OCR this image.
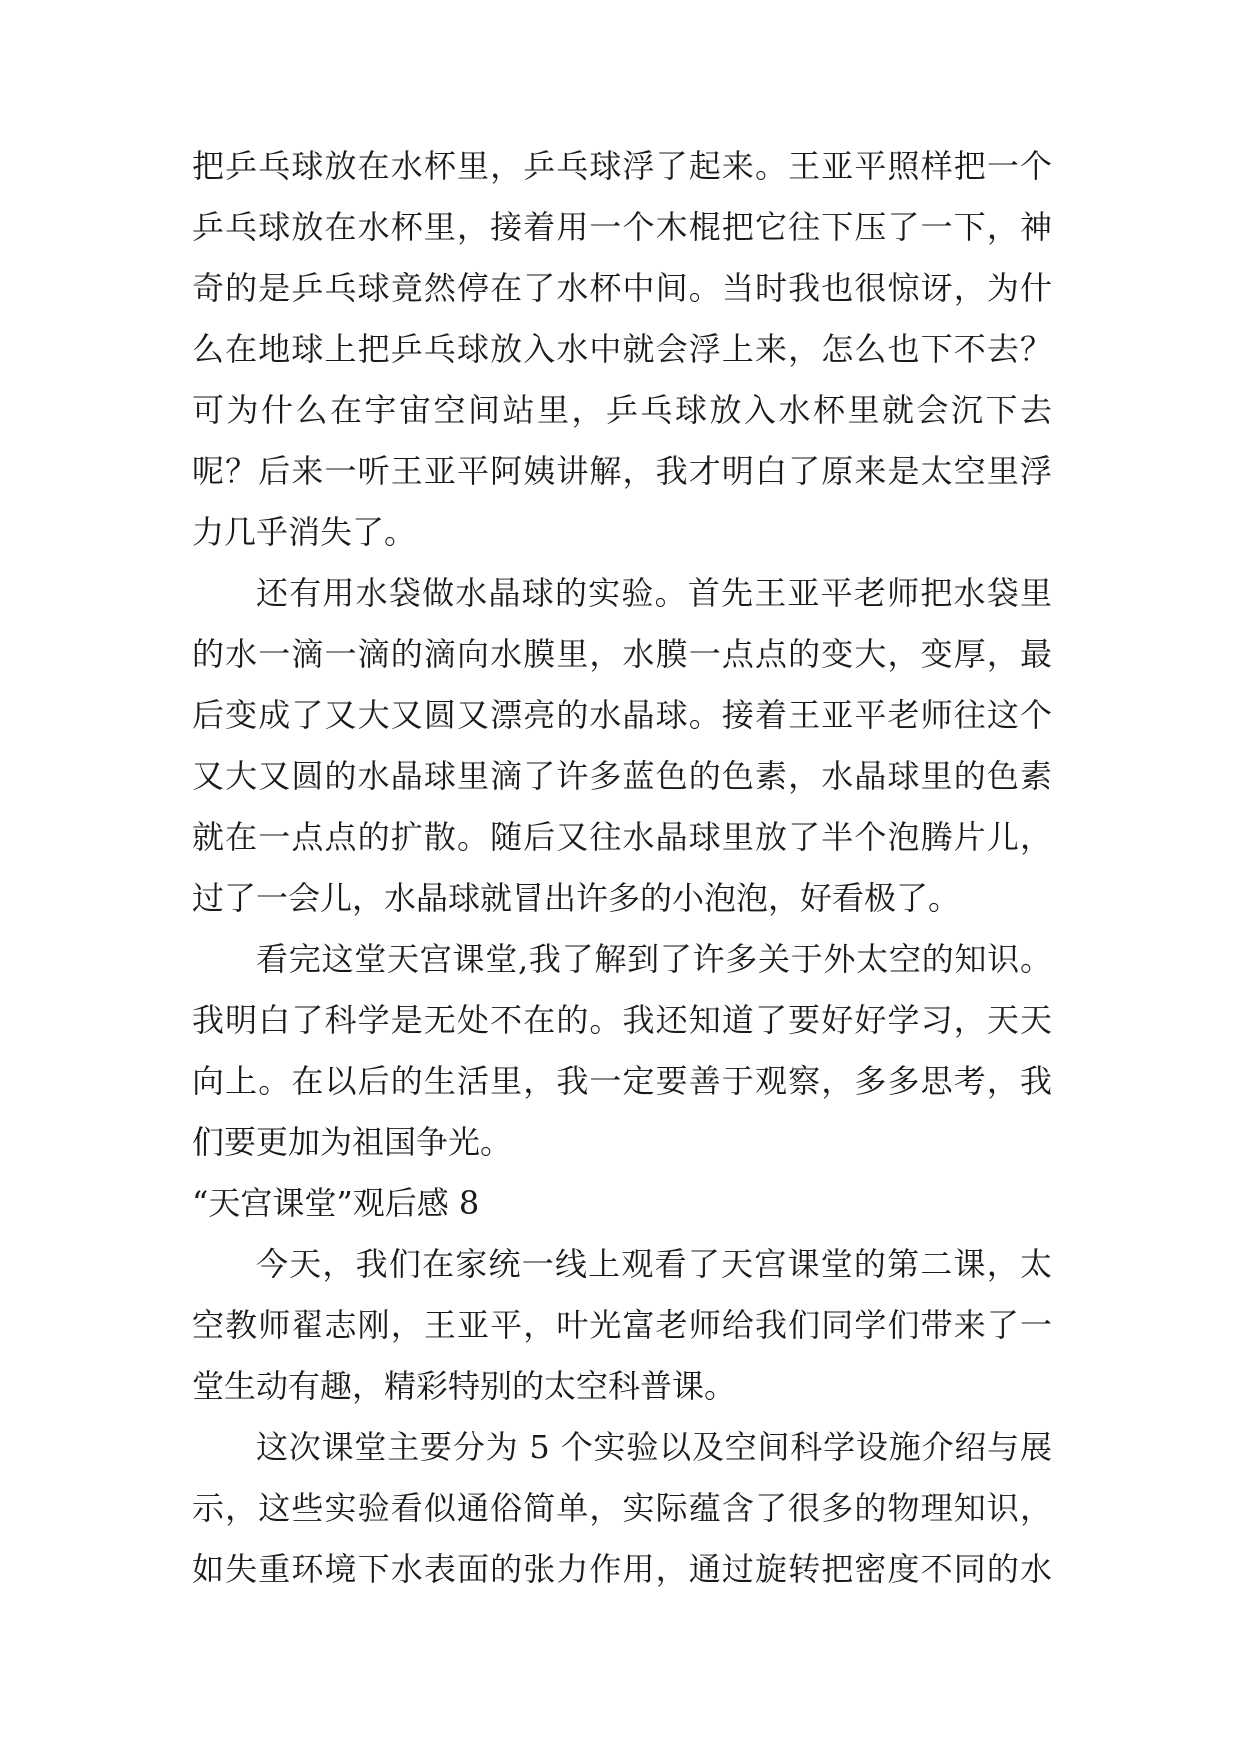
把乒乓球放在水杯里，乒乓球浮了起来。王亚平照样把一个
乒乓球放在水杯里，接着用一个木棍把它往下压了一下，神
奇的是乒乓球竟然停在了水杯中间。当时我也很惊讶，为什
么在地球上把乒乓球放入水中就会浮上来，怎么也下不去？
可为什么在宇宙空间站里，乒乓球放入水杯里就会沉下去
呢？后来一听王亚平阿姨讲解，我才明白了原来是太空里浮
力几乎消失了。
还有用水袋做水晶球的实验。首先王亚平老师把水袋里
的水一滴一滴的滴向水膜里，水膜一点点的变大，变厚，最
后变成了又大又圆又漂亮的水晶球。接着王亚平老师往这个
又大又圆的水晶球里滴了许多蓝色的色素，水晶球里的色素
就在一点点的扩散。随后又往水晶球里放了半个泡腾片儿，
过了一会儿，水晶球就冒出许多的小泡泡，好看极了。
看完这堂天宫课堂,我了解到了许多关于外太空的知识。
我明白了科学是无处不在的。我还知道了要好好学习，天天
向上。在以后的生活里，我一定要善于观察，多多思考，我
们要更加为祖国争光。
“天宫课堂”观后感 8
今天，我们在家统一线上观看了天宫课堂的第二课，太
空教师翟志刚，王亚平，叶光富老师给我们同学们带来了一
堂生动有趣，精彩特别的太空科普课。
这次课堂主要分为 5 个实验以及空间科学设施介绍与展
示，这些实验看似通俗简单，实际蕴含了很多的物理知识，
如失重环境下水表面的张力作用，通过旋转把密度不同的水
